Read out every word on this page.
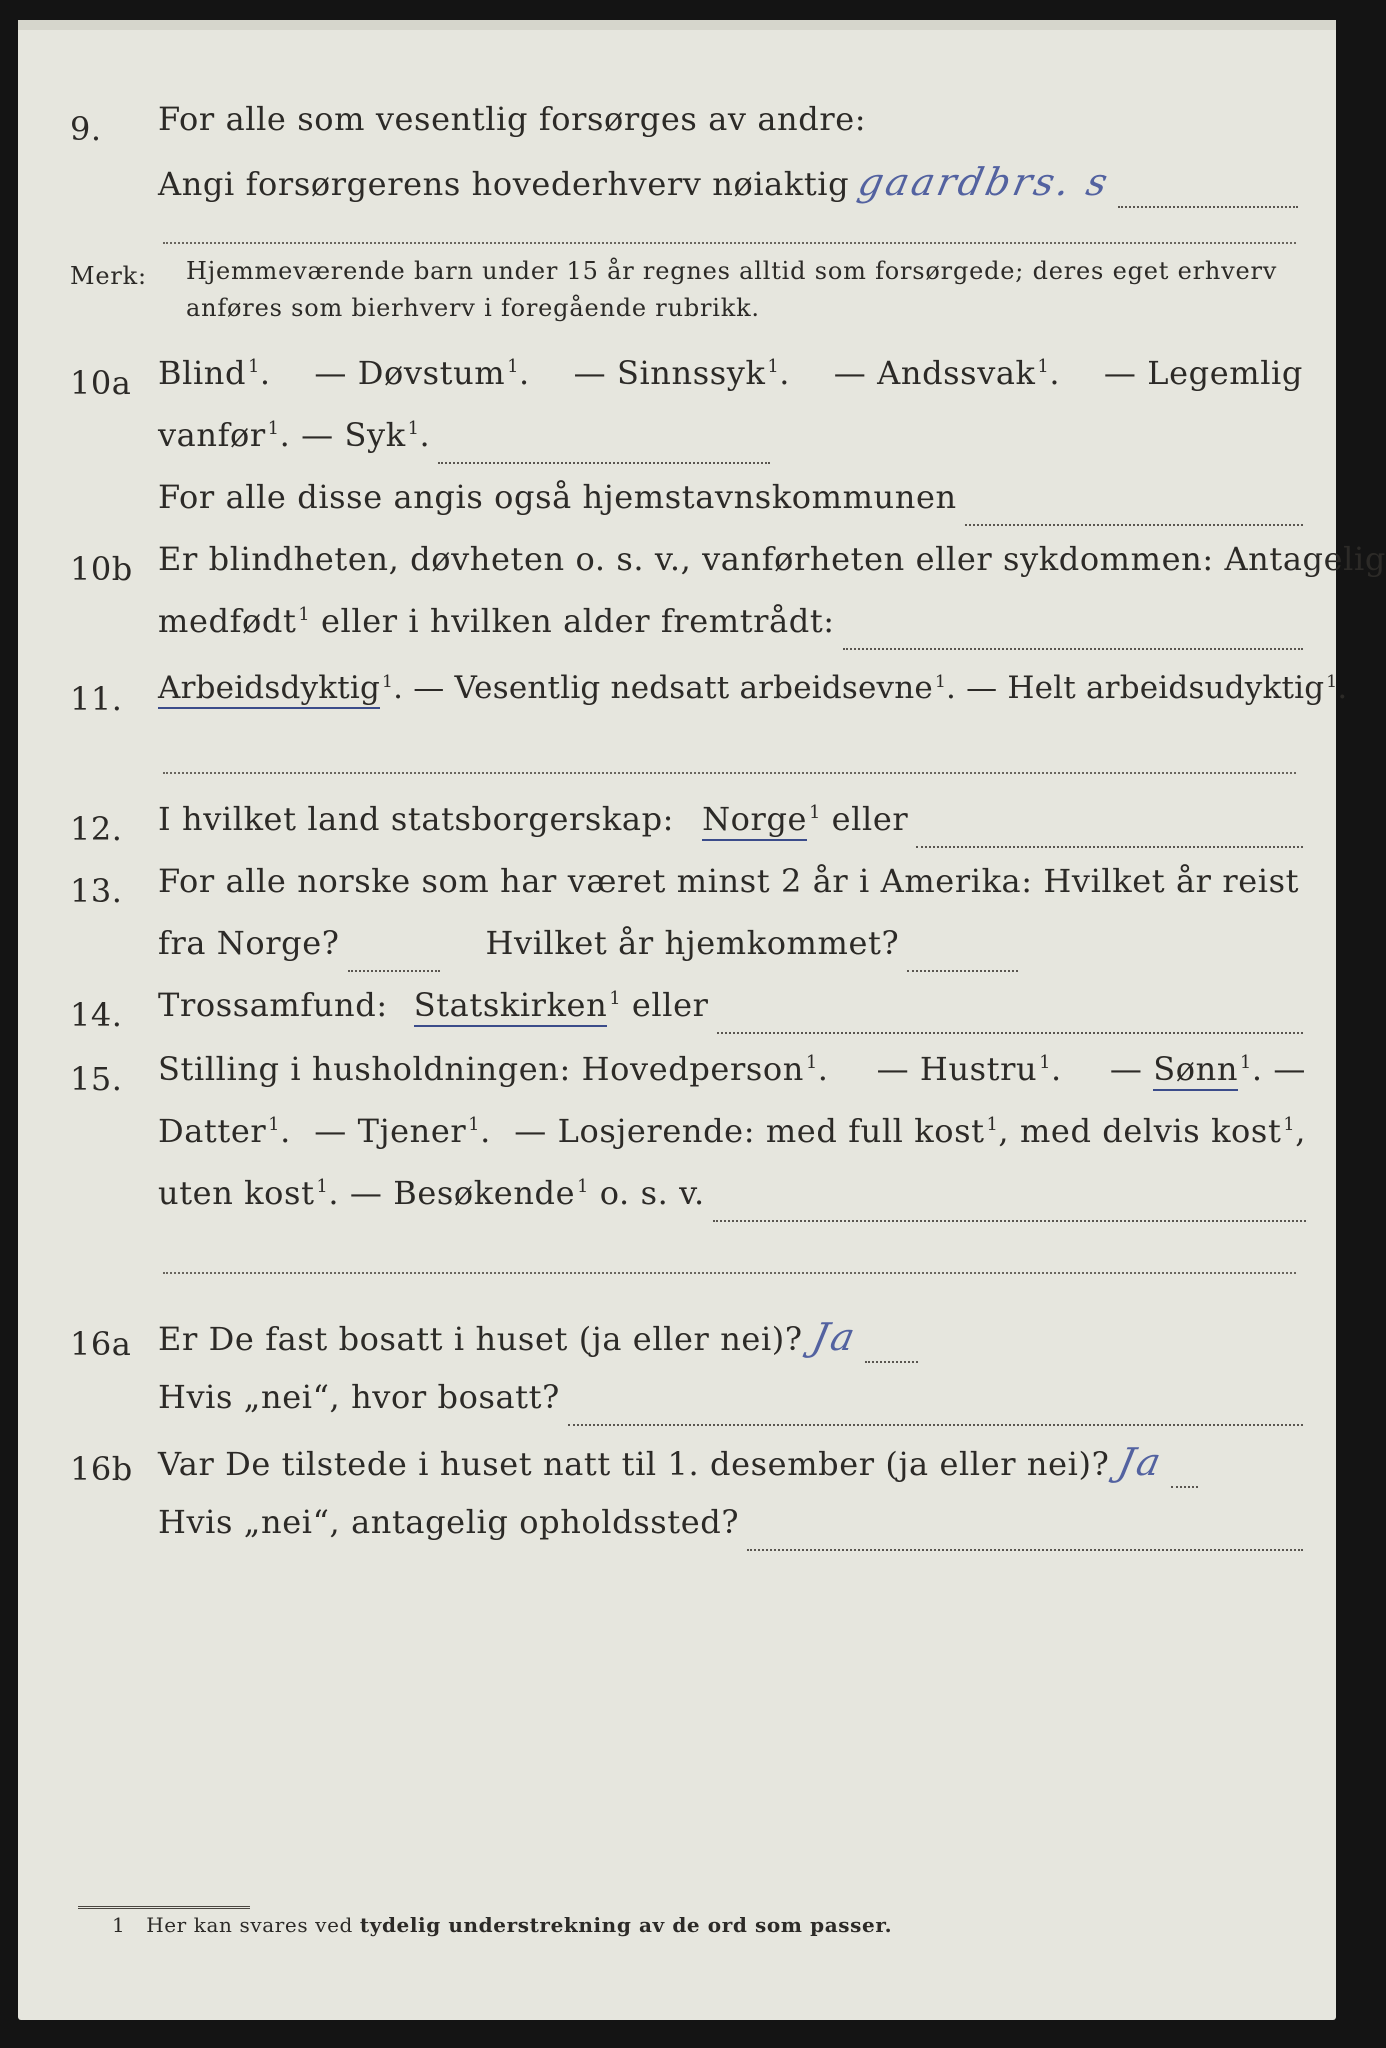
9. For alle som vesentlig forsørges av andre:
Angi forsørgerens hovederhverv nøiaktig gaardbrs. s
Merk: Hjemmeværende barn under 15 år regnes alltid som forsørgede; deres eget erhverv
anføres som bierhverv i foregående rubrikk.
10a Blind $^1$. — Døvstum $^1$. — Sinnssyk $^1$. — Andssvak $^1$. — Legemlig
vanfør $^1$. — Syk $^1$.
For alle disse angis også hjemstavnskommunen
10b Er blindheten, døvheten o. s. v., vanførheten eller sykdommen: Antagelig
medfødt $^1$ eller i hvilken alder fremtrådt:
11. Arbeidsdyktig $^1$. — Vesentlig nedsatt arbeidsevne $^1$. — Helt arbeidsudyktig $^1$.
12. I hvilket land statsborgerskap: Norge $^1$ eller
13. For alle norske som har været minst 2 år i Amerika: Hvilket år reist
fra Norge?	Hvilket år hjemkommet?
14. Trossamfund: Statskirken $^1$ eller
15. Stilling i husholdningen: Hovedperson $^1$. — Hustru $^1$. — Sønn $^1$. —
Datter $^1$. — Tjener $^1$. — Losjerende: med full kost $^1$, med delvis kost $^1$,
uten kost $^1$. — Besøkende $^1$ o. s. v.
16a Er De fast bosatt i huset (ja eller nei)? Ja
Hvis „nei“, hvor bosatt?
16b Var De tilstede i huset natt til 1. desember (ja eller nei)? Ja
Hvis „nei“, antagelig opholdssted?
1 Her kan svares ved tydelig understrekning av de ord som passer.
